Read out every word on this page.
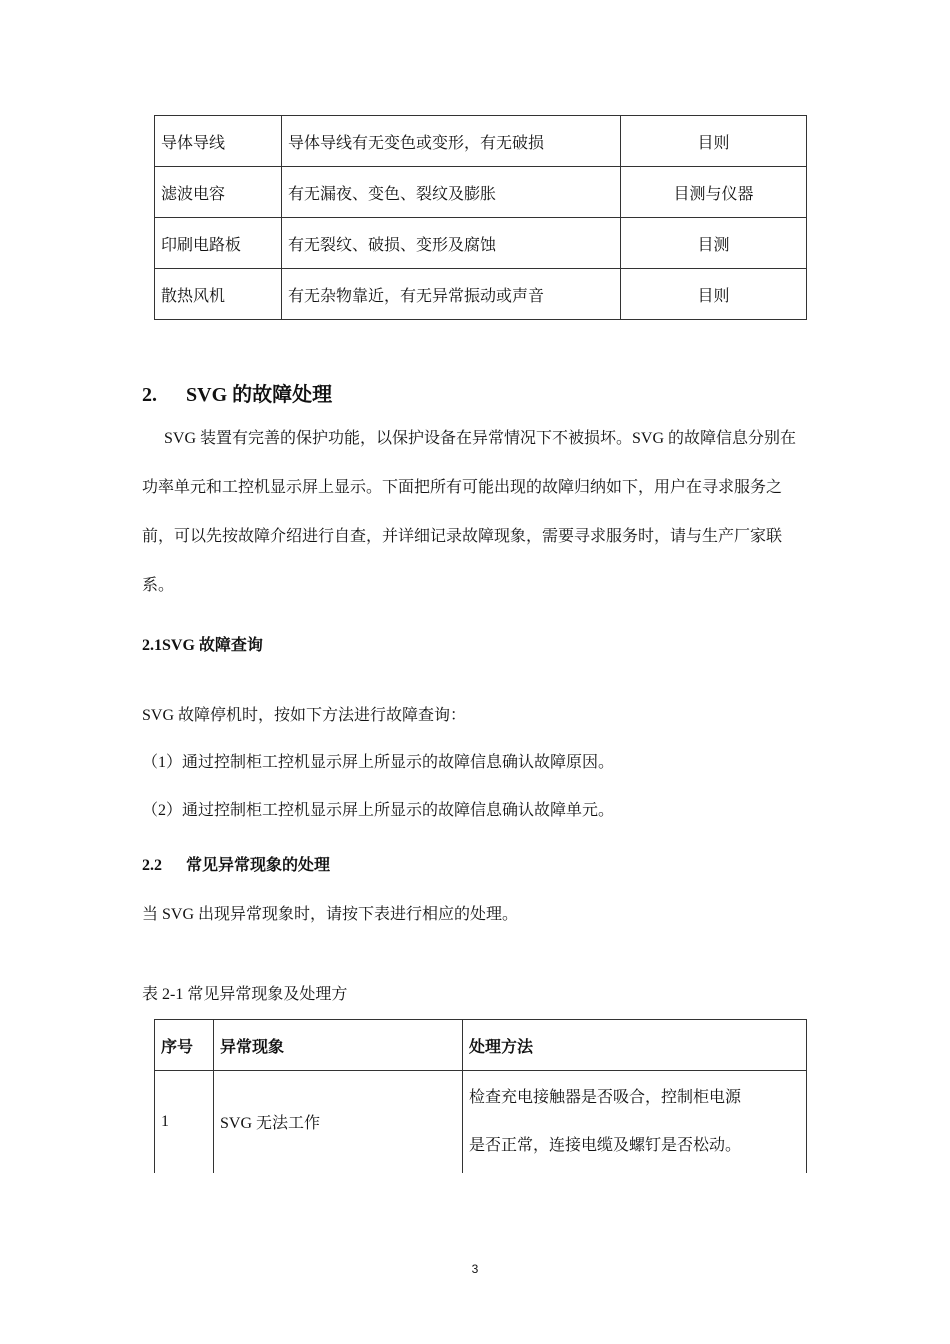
导体导线	导体导线有无变色或变形，有无破损	目则
滤波电容	有无漏夜、变色、裂纹及膨胀	目测与仪器
印刷电路板	有无裂纹、破损、变形及腐蚀	目测
散热风机	有无杂物靠近，有无异常振动或声音	目则
2. SVG 的故障处理
SVG 装置有完善的保护功能，以保护设备在异常情况下不被损坏。SVG 的故障信息分别在功率单元和工控机显示屏上显示。下面把所有可能出现的故障归纳如下，用户在寻求服务之前，可以先按故障介绍进行自查，并详细记录故障现象，需要寻求服务时，请与生产厂家联系。
2.1SVG 故障查询
SVG 故障停机时，按如下方法进行故障查询：
（1）通过控制柜工控机显示屏上所显示的故障信息确认故障原因。
（2）通过控制柜工控机显示屏上所显示的故障信息确认故障单元。
2.2 常见异常现象的处理
当 SVG 出现异常现象时，请按下表进行相应的处理。
表 2-1 常见异常现象及处理方
序号	异常现象	处理方法
1	SVG 无法工作	检查充电接触器是否吸合，控制柜电源
是否正常，连接电缆及螺钉是否松动。
3
